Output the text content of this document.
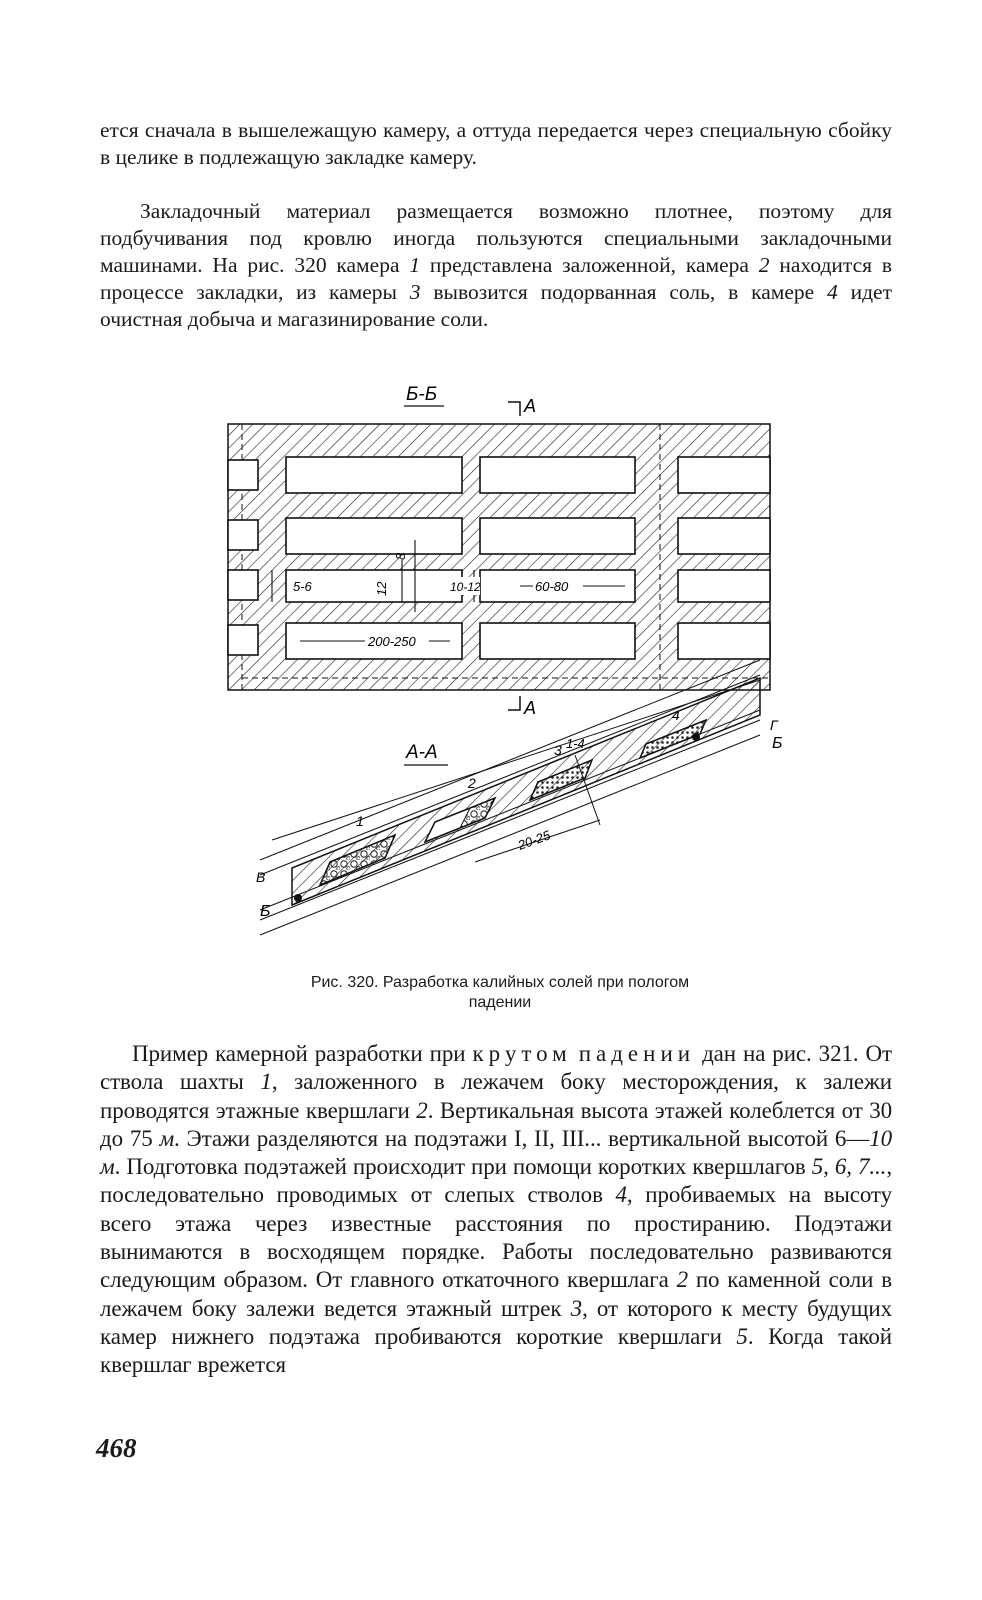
ется сначала в вышележащую камеру, а оттуда передается через специальную сбойку в целике в подлежащую закладке камеру.

Закладочный материал размещается возможно плотнее, поэтому для подбучивания под кровлю иногда пользуются специальными закладочными машинами. На рис. 320 камера 1 представлена заложенной, камера 2 находится в процессе закладки, из камеры 3 вывозится подорванная соль, в камере 4 идет очистная добыча и магазинирование соли.

5-6	12
8
10-12	60-80
200-250
Б-Б
А
А
А-А
20-25
1
2
3 1-4
4
Г
Б
В
Б
Рис. 320. Разработка калийных солей при пологом
падении

Пример камерной разработки при крутом падении дан на рис. 321. От ствола шахты 1, заложенного в лежачем боку месторождения, к залежи проводятся этажные квершлаги 2. Вертикальная высота этажей колеблется от 30 до 75 м. Этажи разделяются на подэтажи I, II, III... вертикальной высотой 6—10 м. Подготовка подэтажей происходит при помощи коротких квершлагов 5, 6, 7..., последовательно проводимых от слепых стволов 4, пробиваемых на высоту всего этажа через известные расстояния по простиранию. Подэтажи вынимаются в восходящем порядке. Работы последовательно развиваются следующим образом. От главного откаточного квершлага 2 по каменной соли в лежачем боку залежи ведется этажный штрек 3, от которого к месту будущих камер нижнего подэтажа пробиваются короткие квершлаги 5. Когда такой квершлаг врежется

468
